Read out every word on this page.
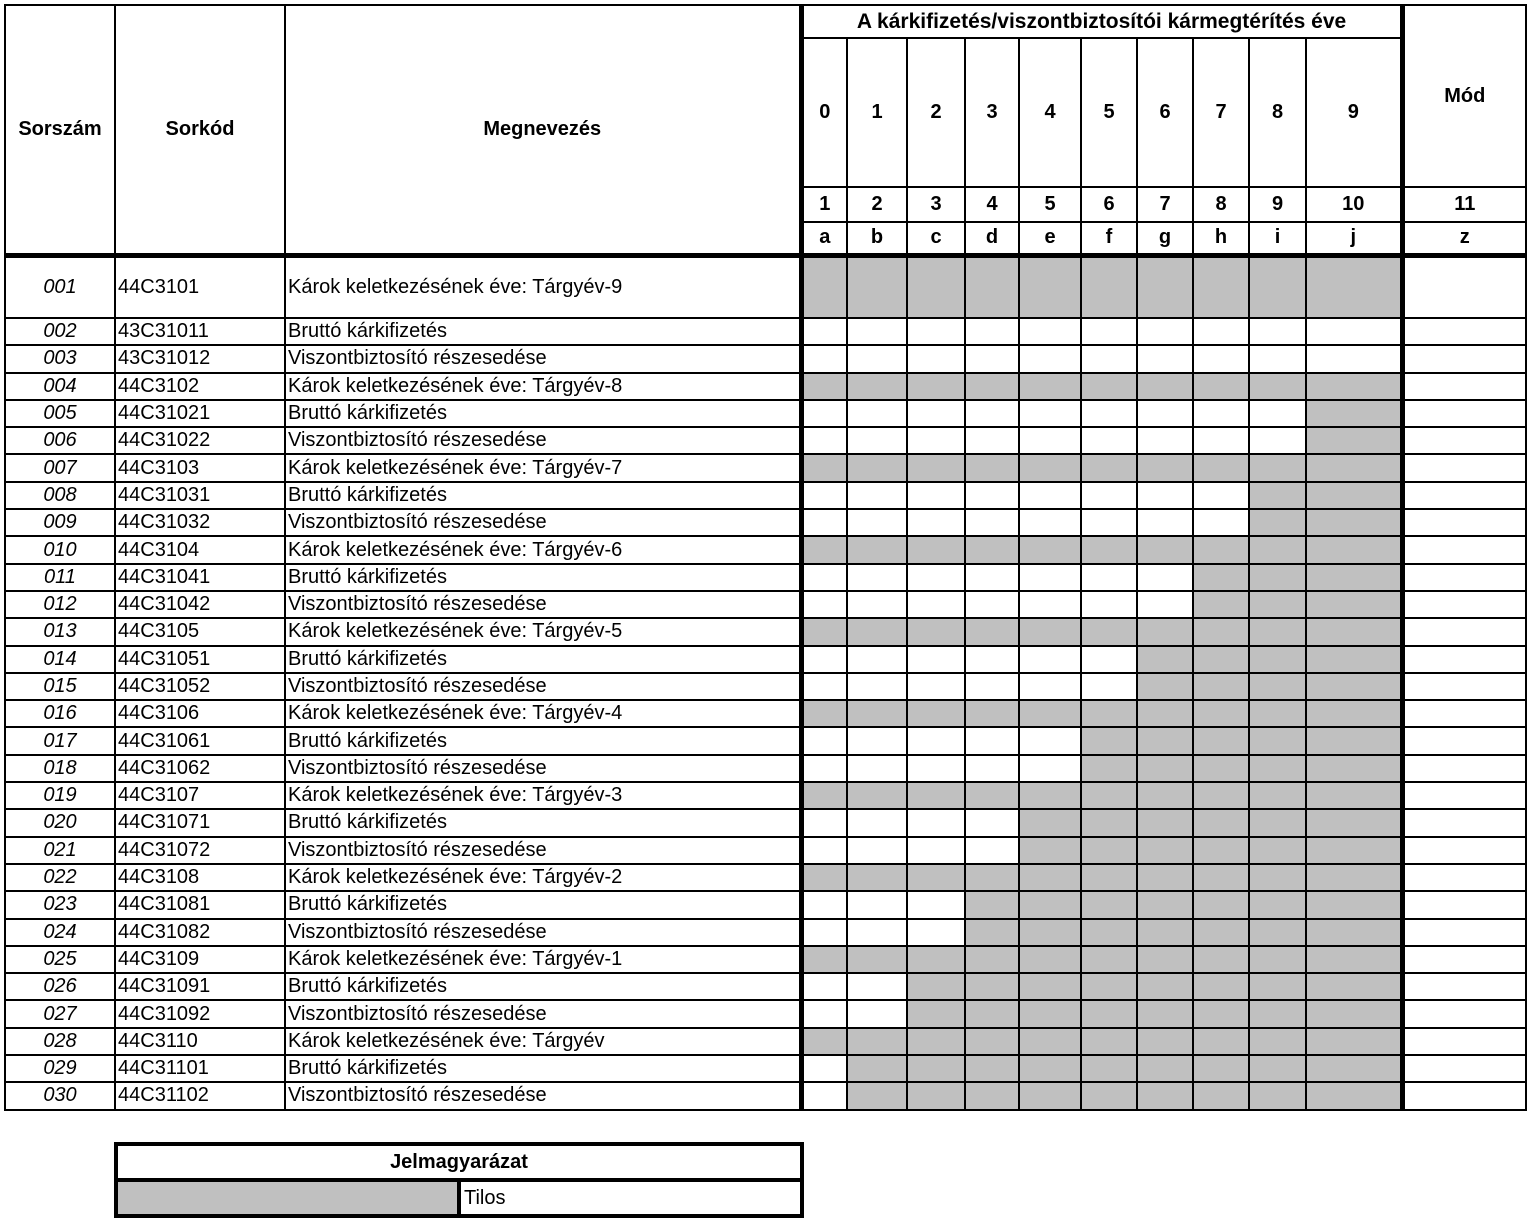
Sorszám	Sorkód	Megnevezés	A kárkifizetés/viszontbiztosítói kármegtérítés éve										Mód
			0	1	2	3	4	5	6	7	8	9	
			1	2	3	4	5	6	7	8	9	10	11
			a	b	c	d	e	f	g	h	i	j	z
001	44C3101	Károk keletkezésének éve: Tárgyév-9											
002	43C31011	Bruttó kárkifizetés											
003	43C31012	Viszontbiztosító részesedése											
004	44C3102	Károk keletkezésének éve: Tárgyév-8											
005	44C31021	Bruttó kárkifizetés											
006	44C31022	Viszontbiztosító részesedése											
007	44C3103	Károk keletkezésének éve: Tárgyév-7											
008	44C31031	Bruttó kárkifizetés											
009	44C31032	Viszontbiztosító részesedése											
010	44C3104	Károk keletkezésének éve: Tárgyév-6											
011	44C31041	Bruttó kárkifizetés											
012	44C31042	Viszontbiztosító részesedése											
013	44C3105	Károk keletkezésének éve: Tárgyév-5											
014	44C31051	Bruttó kárkifizetés											
015	44C31052	Viszontbiztosító részesedése											
016	44C3106	Károk keletkezésének éve: Tárgyév-4											
017	44C31061	Bruttó kárkifizetés											
018	44C31062	Viszontbiztosító részesedése											
019	44C3107	Károk keletkezésének éve: Tárgyév-3											
020	44C31071	Bruttó kárkifizetés											
021	44C31072	Viszontbiztosító részesedése											
022	44C3108	Károk keletkezésének éve: Tárgyév-2											
023	44C31081	Bruttó kárkifizetés											
024	44C31082	Viszontbiztosító részesedése											
025	44C3109	Károk keletkezésének éve: Tárgyév-1											
026	44C31091	Bruttó kárkifizetés											
027	44C31092	Viszontbiztosító részesedése											
028	44C3110	Károk keletkezésének éve: Tárgyév											
029	44C31101	Bruttó kárkifizetés											
030	44C31102	Viszontbiztosító részesedése											
Jelmagyarázat
	Tilos
